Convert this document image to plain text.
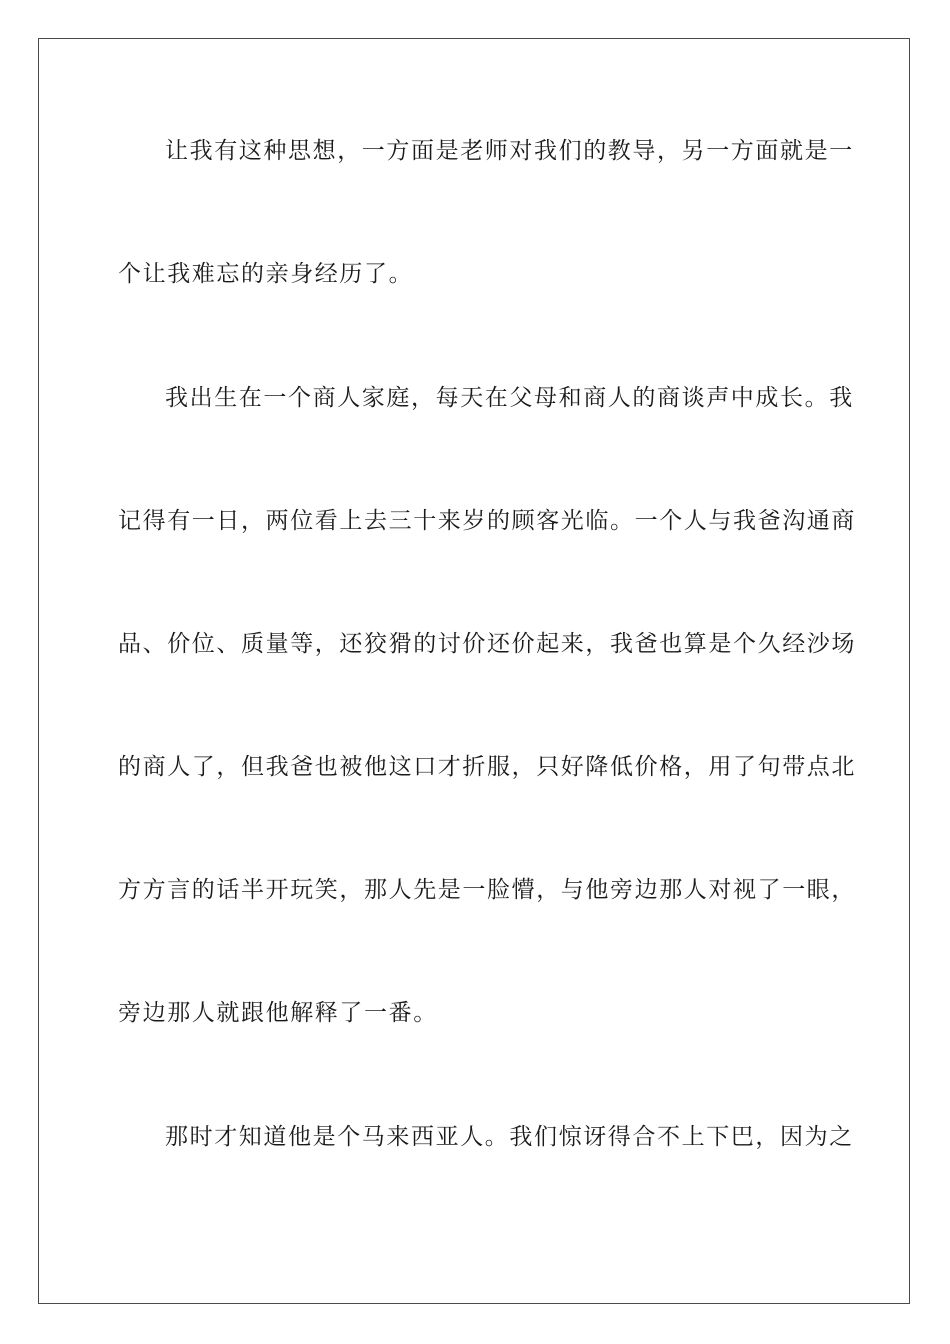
让我有这种思想，一方面是老师对我们的教导，另一方面就是一
个让我难忘的亲身经历了。
我出生在一个商人家庭，每天在父母和商人的商谈声中成长。我
记得有一日，两位看上去三十来岁的顾客光临。一个人与我爸沟通商
品、价位、质量等，还狡猾的讨价还价起来，我爸也算是个久经沙场
的商人了，但我爸也被他这口才折服，只好降低价格，用了句带点北
方方言的话半开玩笑，那人先是一脸懵，与他旁边那人对视了一眼，
旁边那人就跟他解释了一番。
那时才知道他是个马来西亚人。我们惊讶得合不上下巴，因为之
